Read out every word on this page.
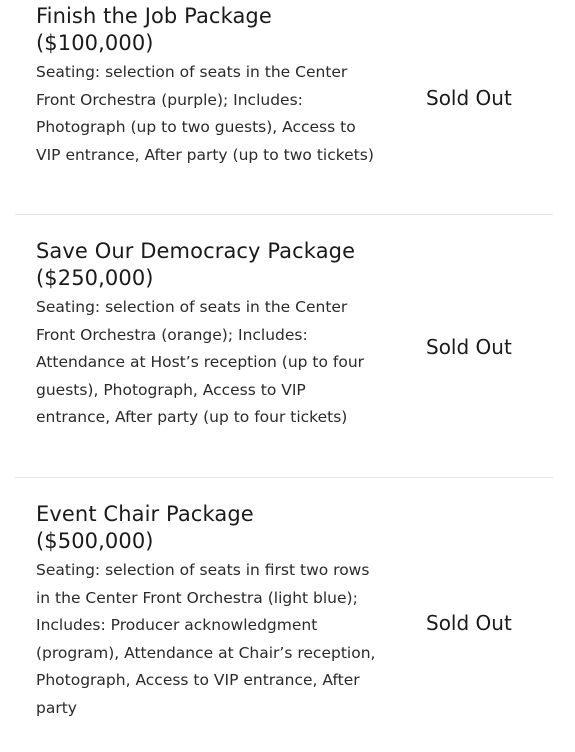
Finish the Job Package ($100,000)
Seating: selection of seats in the Center Front Orchestra (purple); Includes: Photograph (up to two guests), Access to VIP entrance, After party (up to two tickets)
Sold Out
Save Our Democracy Package ($250,000)
Seating: selection of seats in the Center Front Orchestra (orange); Includes: Attendance at Host’s reception (up to four guests), Photograph, Access to VIP entrance, After party (up to four tickets)
Sold Out
Event Chair Package ($500,000)
Seating: selection of seats in first two rows in the Center Front Orchestra (light blue); Includes: Producer acknowledgment (program), Attendance at Chair’s reception, Photograph, Access to VIP entrance, After party
Sold Out
